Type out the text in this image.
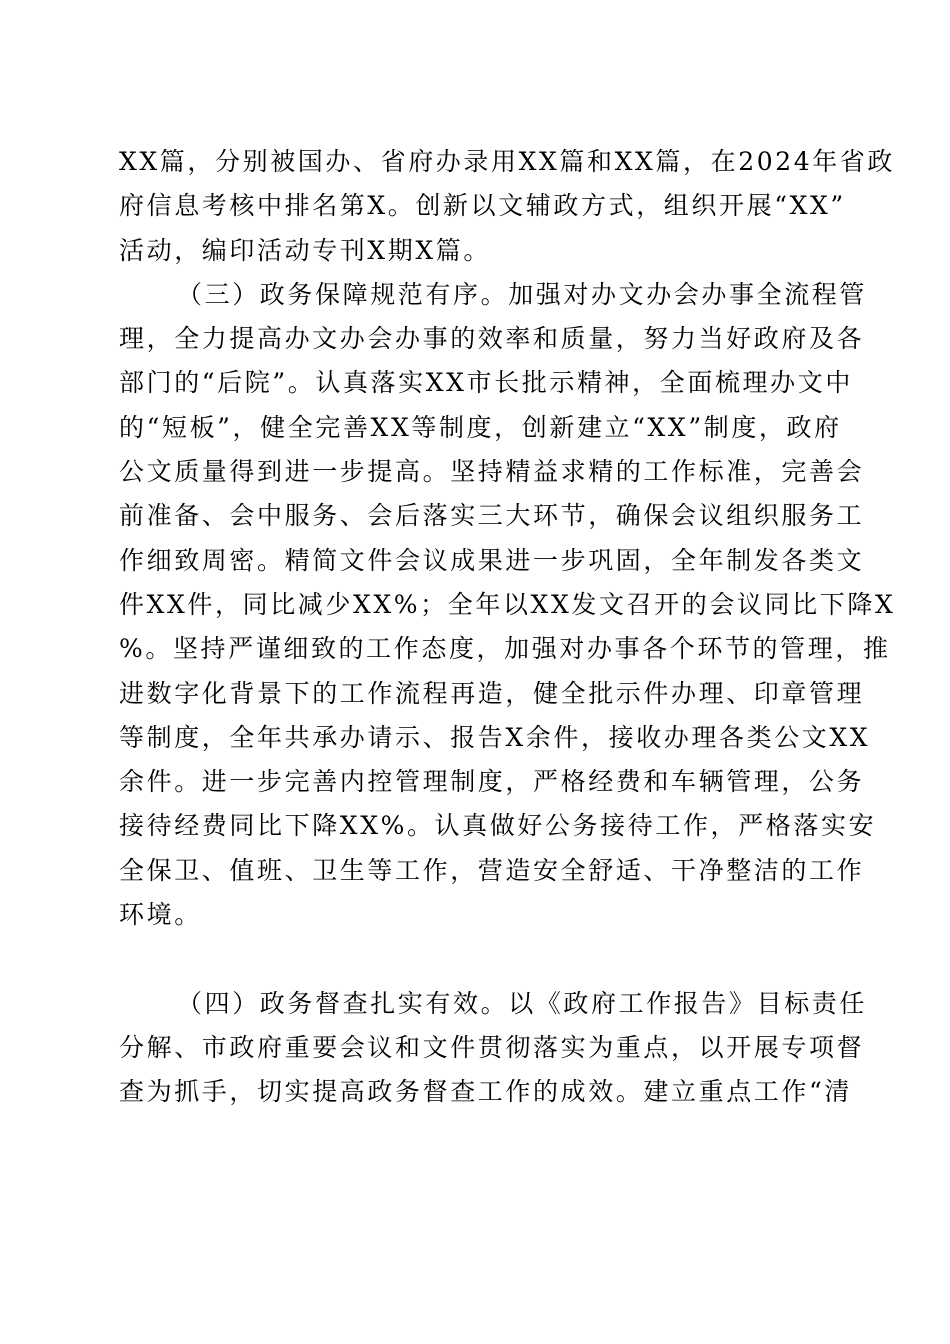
XX篇，分别被国办、省府办录用XX篇和XX篇，在2024年省政
府信息考核中排名第X。创新以文辅政方式，组织开展“XX”
活动，编印活动专刊X期X篇。
（三）政务保障规范有序。加强对办文办会办事全流程管
理，全力提高办文办会办事的效率和质量，努力当好政府及各
部门的“后院”。认真落实XX市长批示精神，全面梳理办文中
的“短板”，健全完善XX等制度，创新建立“XX”制度，政府
公文质量得到进一步提高。坚持精益求精的工作标准，完善会
前准备、会中服务、会后落实三大环节，确保会议组织服务工
作细致周密。精简文件会议成果进一步巩固，全年制发各类文
件XX件，同比减少XX%；全年以XX发文召开的会议同比下降X
%。坚持严谨细致的工作态度，加强对办事各个环节的管理，推
进数字化背景下的工作流程再造，健全批示件办理、印章管理
等制度，全年共承办请示、报告X余件，接收办理各类公文XX
余件。进一步完善内控管理制度，严格经费和车辆管理，公务
接待经费同比下降XX%。认真做好公务接待工作，严格落实安
全保卫、值班、卫生等工作，营造安全舒适、干净整洁的工作
环境。
（四）政务督查扎实有效。以《政府工作报告》目标责任
分解、市政府重要会议和文件贯彻落实为重点，以开展专项督
查为抓手，切实提高政务督查工作的成效。建立重点工作“清
